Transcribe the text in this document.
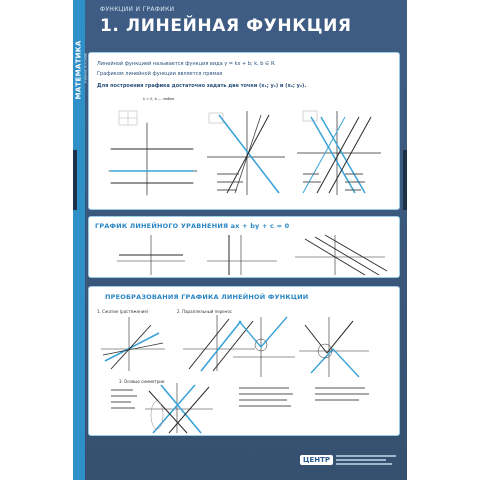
МАТЕМАТИКА УЧЕБНОЕ ПОСОБИЕ
ФУНКЦИИ И ГРАФИКИ
1. ЛИНЕЙНАЯ ФУНКЦИЯ
Линейной функцией называется функция вида y = kx + b; k, b ∈ R.
Графиком линейной функции является прямая
Для построения графика достаточно задать две точки (x₁; y₁) и (x₂; y₂).
k = 0, b — любое
ГРАФИК ЛИНЕЙНОГО УРАВНЕНИЯ ax + by + c = 0
ПРЕОБРАЗОВАНИЯ ГРАФИКА ЛИНЕЙНОЙ ФУНКЦИИ
1. Сжатие (растяжение)	2. Параллельный перенос
3. Осевые симметрии
ЦЕНТР
